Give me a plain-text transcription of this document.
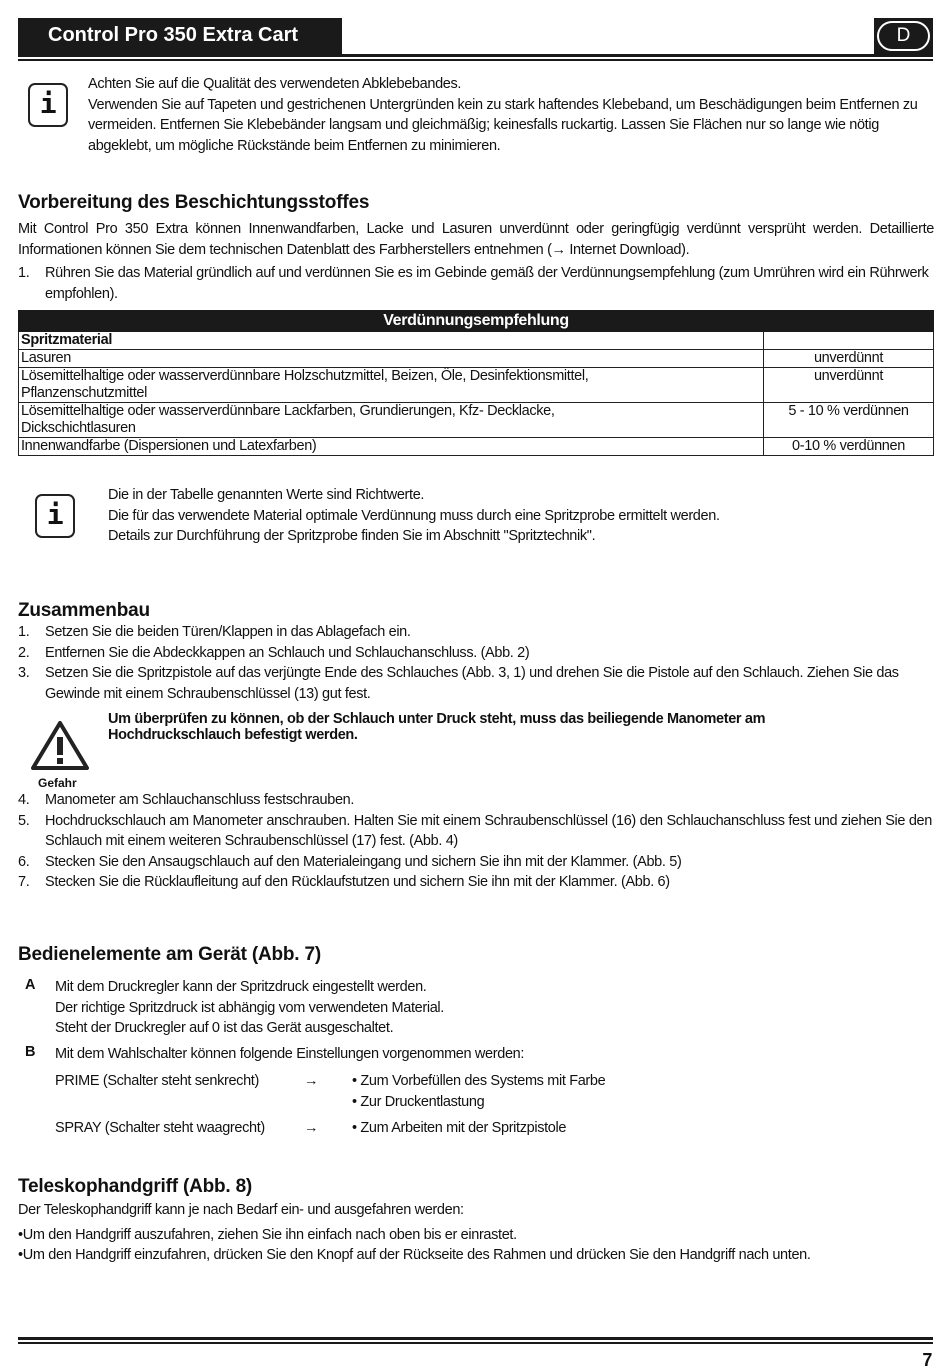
Control Pro 350 Extra Cart	D
i

Achten Sie auf die Qualität des verwendeten Abklebebandes.

Verwenden Sie auf Tapeten und gestrichenen Untergründen kein zu stark haftendes Klebeband, um Beschädigungen beim Entfernen zu vermeiden. Entfernen Sie Klebebänder langsam und gleichmäßig; keinesfalls ruckartig. Lassen Sie Flächen nur so lange wie nötig abgeklebt, um mögliche Rückstände beim Entfernen zu minimieren.

Vorbereitung des Beschichtungsstoffes

Mit Control Pro 350 Extra können Innenwandfarben, Lacke und Lasuren unverdünnt oder geringfügig verdünnt versprüht werden. Detaillierte Informationen können Sie dem technischen Datenblatt des Farbherstellers entnehmen (→ Internet Download).

1. Rühren Sie das Material gründlich auf und verdünnen Sie es im Gebinde gemäß der Verdünnungsempfehlung (zum Umrühren wird ein Rührwerk empfohlen).
Verdünnungsempfehlung	
Spritzmaterial	
Lasuren	unverdünnt
Lösemittelhaltige oder wasserverdünnbare Holzschutzmittel, Beizen, Öle, Desinfektionsmittel, Pflanzenschutzmittel	unverdünnt
Lösemittelhaltige oder wasserverdünnbare Lackfarben, Grundierungen, Kfz- Decklacke, Dickschichtlasuren	5 - 10 % verdünnen
Innenwandfarbe (Dispersionen und Latexfarben)	0-10 % verdünnen
i

Die in der Tabelle genannten Werte sind Richtwerte.

Die für das verwendete Material optimale Verdünnung muss durch eine Spritzprobe ermittelt werden.

Details zur Durchführung der Spritzprobe finden Sie im Abschnitt "Spritztechnik".

Zusammenbau
1. Setzen Sie die beiden Türen/Klappen in das Ablagefach ein.
2. Entfernen Sie die Abdeckkappen an Schlauch und Schlauchanschluss. (Abb. 2)
3. Setzen Sie die Spritzpistole auf das verjüngte Ende des Schlauches (Abb. 3, 1) und drehen Sie die Pistole auf den Schlauch. Ziehen Sie das Gewinde mit einem Schraubenschlüssel (13) gut fest.
Gefahr
Um überprüfen zu können, ob der Schlauch unter Druck steht, muss das beiliegende Manometer am Hochdruckschlauch befestigt werden.
4. Manometer am Schlauchanschluss festschrauben.
5. Hochdruckschlauch am Manometer anschrauben. Halten Sie mit einem Schraubenschlüssel (16) den Schlauchanschluss fest und ziehen Sie den Schlauch mit einem weiteren Schraubenschlüssel (17) fest. (Abb. 4)
6. Stecken Sie den Ansaugschlauch auf den Materialeingang und sichern Sie ihn mit der Klammer. (Abb. 5)
7. Stecken Sie die Rücklaufleitung auf den Rücklaufstutzen und sichern Sie ihn mit der Klammer. (Abb. 6)
Bedienelemente am Gerät (Abb. 7)
A Mit dem Druckregler kann der Spritzdruck eingestellt werden.

Der richtige Spritzdruck ist abhängig vom verwendeten Material.

Steht der Druckregler auf 0 ist das Gerät ausgeschaltet.

B Mit dem Wahlschalter können folgende Einstellungen vorgenommen werden:

PRIME (Schalter steht senkrecht)	→ • Zum Vorbefüllen des Systems mit Farbe

• Zur Druckentlastung

SPRAY (Schalter steht waagrecht)	→ • Zum Arbeiten mit der Spritzpistole

Teleskophandgriff (Abb. 8)

Der Teleskophandgriff kann je nach Bedarf ein- und ausgefahren werden:

•Um den Handgriff auszufahren, ziehen Sie ihn einfach nach oben bis er einrastet.

•Um den Handgriff einzufahren, drücken Sie den Knopf auf der Rückseite des Rahmen und drücken Sie den Handgriff nach unten.

7
